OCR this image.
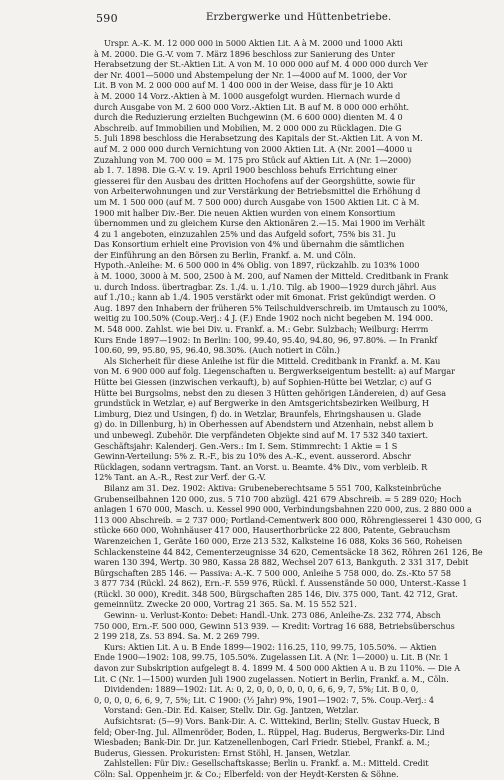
590	Erzbergwerke und Hüttenbetriebe.
Urspr. A.-K. M. 12 000 000 in 5000 Aktien Lit. A à M. 2000 und 1000 Akti
à M. 2000. Die G.-V. vom 7. März 1896 beschloss zur Sanierung des Unter
Herabsetzung der St.-Aktien Lit. A von M. 10 000 000 auf M. 4 000 000 durch Ver
der Nr. 4001—5000 und Abstempelung der Nr. 1—4000 auf M. 1000, der Vor
Lit. B von M. 2 000 000 auf M. 1 400 000 in der Weise, dass für je 10 Akti
à M. 2000 14 Vorz.-Aktien à M. 1000 ausgefolgt wurden. Hiernach wurde d
durch Ausgabe von M. 2 600 000 Vorz.-Aktien Lit. B auf M. 8 000 000 erhöht.
durch die Reduzierung erzielten Buchgewinn (M. 6 600 000) dienten M. 4 0
Abschreib. auf Immobilien und Mobilien, M. 2 000 000 zu Rücklagen. Die G
5. Juli 1898 beschloss die Herabsetzung des Kapitals der St.-Aktien Lit. A von M.
auf M. 2 000 000 durch Vernichtung von 2000 Aktien Lit. A (Nr. 2001—4000 u
Zuzahlung von M. 700 000 = M. 175 pro Stück auf Aktien Lit. A (Nr. 1—2000)
ab 1. 7. 1898. Die G.-V. v. 19. April 1900 beschloss behufs Errichtung einer
giesserei für den Ausbau des dritten Hochofens auf der Georgshütte, sowie für
von Arbeiterwohnungen und zur Verstärkung der Betriebsmittel die Erhöhung d
um M. 1 500 000 (auf M. 7 500 000) durch Ausgabe von 1500 Aktien Lit. C à M.
1900 mit halber Div.-Ber. Die neuen Aktien wurden von einem Konsortium
übernommen und zu gleichem Kurse den Aktionären 2.—15. Mai 1900 im Verhält
4 zu 1 angeboten, einzuzahlen 25% und das Aufgeld sofort, 75% bis 31. Ju
Das Konsortium erhielt eine Provision von 4% und übernahm die sämtlichen
der Einführung an den Börsen zu Berlin, Frankf. a. M. und Cöln.
Hypoth.-Anleihe: M. 6 500 000 in 4% Oblig. von 1897, rückzahlb. zu 103% 1000
à M. 1000, 3000 à M. 500, 2500 à M. 200, auf Namen der Mitteld. Creditbank in Frank
u. durch Indoss. übertragbar. Zs. 1./4. u. 1./10. Tilg. ab 1900—1929 durch jährl. Aus
auf 1./10.; kann ab 1./4. 1905 verstärkt oder mit 6monat. Frist gekündigt werden. O
Aug. 1897 den Inhabern der früheren 5% Teilschuldverschreib. im Umtausch zu 100%,
weitig zu 100.50% (Coup.-Verj.: 4 J. (F.) Ende 1902 noch nicht begeben M. 194 000.
M. 548 000. Zahlst. wie bei Div. u. Frankf. a. M.: Gebr. Sulzbach; Weilburg: Herrm
Kurs Ende 1897—1902: In Berlin: 100, 99.40, 95.40, 94.80, 96, 97.80%. — In Frankf
100.60, 99, 95.80, 95, 96.40, 98.30%. (Auch notiert in Cöln.)
Als Sicherheit für diese Anleihe ist für die Mitteld. Creditbank in Frankf. a. M. Kau
von M. 6 900 000 auf folg. Liegenschaften u. Bergwerkseigentum bestellt: a) auf Margar
Hütte bei Giessen (inzwischen verkauft), b) auf Sophien-Hütte bei Wetzlar, c) auf G
Hütte bei Burgsolms, nebst den zu diesen 3 Hütten gehörigen Ländereien, d) auf Gesa
grundstück in Wetzlar, e) auf Bergwerke in den Amtsgerichtsbezirken Weilburg, H
Limburg, Diez und Usingen, f) do. in Wetzlar, Braunfels, Ehringshausen u. Glade
g) do. in Dillenburg, h) in Oberhessen auf Abendstern und Atzenhain, nebst allem b
und unbewegl. Zubehör. Die verpfändeten Objekte sind auf M. 17 532 340 taxiert.
Geschäftsjahr: Kalenderj. Gen.-Vers.: Im I. Sem. Stimmrecht: 1 Aktie = 1 S
Gewinn-Verteilung: 5% z. R.-F., bis zu 10% des A.-K., event. ausserord. Abschr
Rücklagen, sodann vertragsm. Tant. an Vorst. u. Beamte. 4% Div., vom verbleib. R
12% Tant. an A.-R., Rest zur Verf. der G.-V.
Bilanz am 31. Dez. 1902: Aktiva: Grubeneberechtsame 5 551 700, Kalksteinbrüche
Grubenseilbahnen 120 000, zus. 5 710 700 abzügl. 421 679 Abschreib. = 5 289 020; Hoch
anlagen 1 670 000, Masch. u. Kessel 990 000, Verbindungsbahnen 220 000, zus. 2 880 000 a
113 000 Abschreib. = 2 737 000; Portland-Cementwerk 800 000, Röhrengiesserei 1 430 000, G
stücke 660 000, Wohnhäuser 417 000, Hauserthorbrücke 22 800, Patente, Gebrauchsm
Warenzeichen 1, Geräte 160 000, Erze 213 532, Kalksteine 16 088, Koks 36 560, Roheisen
Schlackensteine 44 842, Cementerzeugnisse 34 620, Cementsäcke 18 362, Röhren 261 126, Be
waren 130 394, Wertp. 30 980, Kassa 28 882, Wechsel 207 613, Bankguth. 2 331 317, Debit
Bürgschaften 285 146. — Passiva: A.-K. 7 500 000, Anleihe 5 758 000, do. Zs.-Kto 57 58
3 877 734 (Rückl. 24 862), Ern.-F. 559 976, Rückl. f. Aussenstände 50 000, Unterst.-Kasse 1
(Rückl. 30 000), Kredit. 348 500, Bürgschaften 285 146, Div. 375 000, Tant. 42 712, Grat.
gemeinnütz. Zwecke 20 000, Vortrag 21 365. Sa. M. 15 552 521.
Gewinn- u. Verlust-Konto: Debet: Handl.-Unk. 273 086, Anleihe-Zs. 232 774, Absch
750 000, Ern.-F. 500 000, Gewinn 513 939. — Kredit: Vortrag 16 688, Betriebsüberschus
2 199 218, Zs. 53 894. Sa. M. 2 269 799.
Kurs: Aktien Lit. A u. B Ende 1899—1902: 116.25, 110, 99.75, 105.50%. — Aktien
Ende 1900—1902: 108, 99.75, 105.50%. Zugelassen Lit. A (Nr. 1—2000) u. Lit. B (Nr. 1
davon zur Subskription aufgelegt 8. 4. 1899 M. 4 500 000 Aktien A u. B zu 110%. — Die A
Lit. C (Nr. 1—1500) wurden Juli 1900 zugelassen. Notiert in Berlin, Frankf. a. M., Cöln.
Dividenden: 1889—1902: Lit. A: 0, 2, 0, 0, 0, 0, 0, 0, 6, 6, 9, 7, 5%; Lit. B 0, 0,
0, 0, 0, 0, 6, 6, 9, 7, 5%; Lit. C 1900: (½ Jahr) 9%, 1901—1902: 7, 5%. Coup.-Verj.: 4
Vorstand: Gen.-Dir. Ed. Kaiser, Stellv. Dir. Gg. Jantzen, Wetzlar.
Aufsichtsrat: (5—9) Vors. Bank-Dir. A. C. Wittekind, Berlin; Stellv. Gustav Hueck, B
feld; Ober-Ing. Jul. Allmenröder, Boden, L. Rüppel, Hag. Buderus, Bergwerks-Dir. Lind
Wiesbaden; Bank-Dir. Dr. jur. Katzenellenbogen, Carl Friedr. Stiebel, Frankf. a. M.;
Buderus, Giessen. Prokuristen: Ernst Stöhl, H. Jansen, Wetzlar.
Zahlstellen: Für Div.: Gesellschaftskasse; Berlin u. Frankf. a. M.: Mitteld. Credit
Cöln: Sal. Oppenheim jr. & Co.; Elberfeld: von der Heydt-Kersten & Söhne.
